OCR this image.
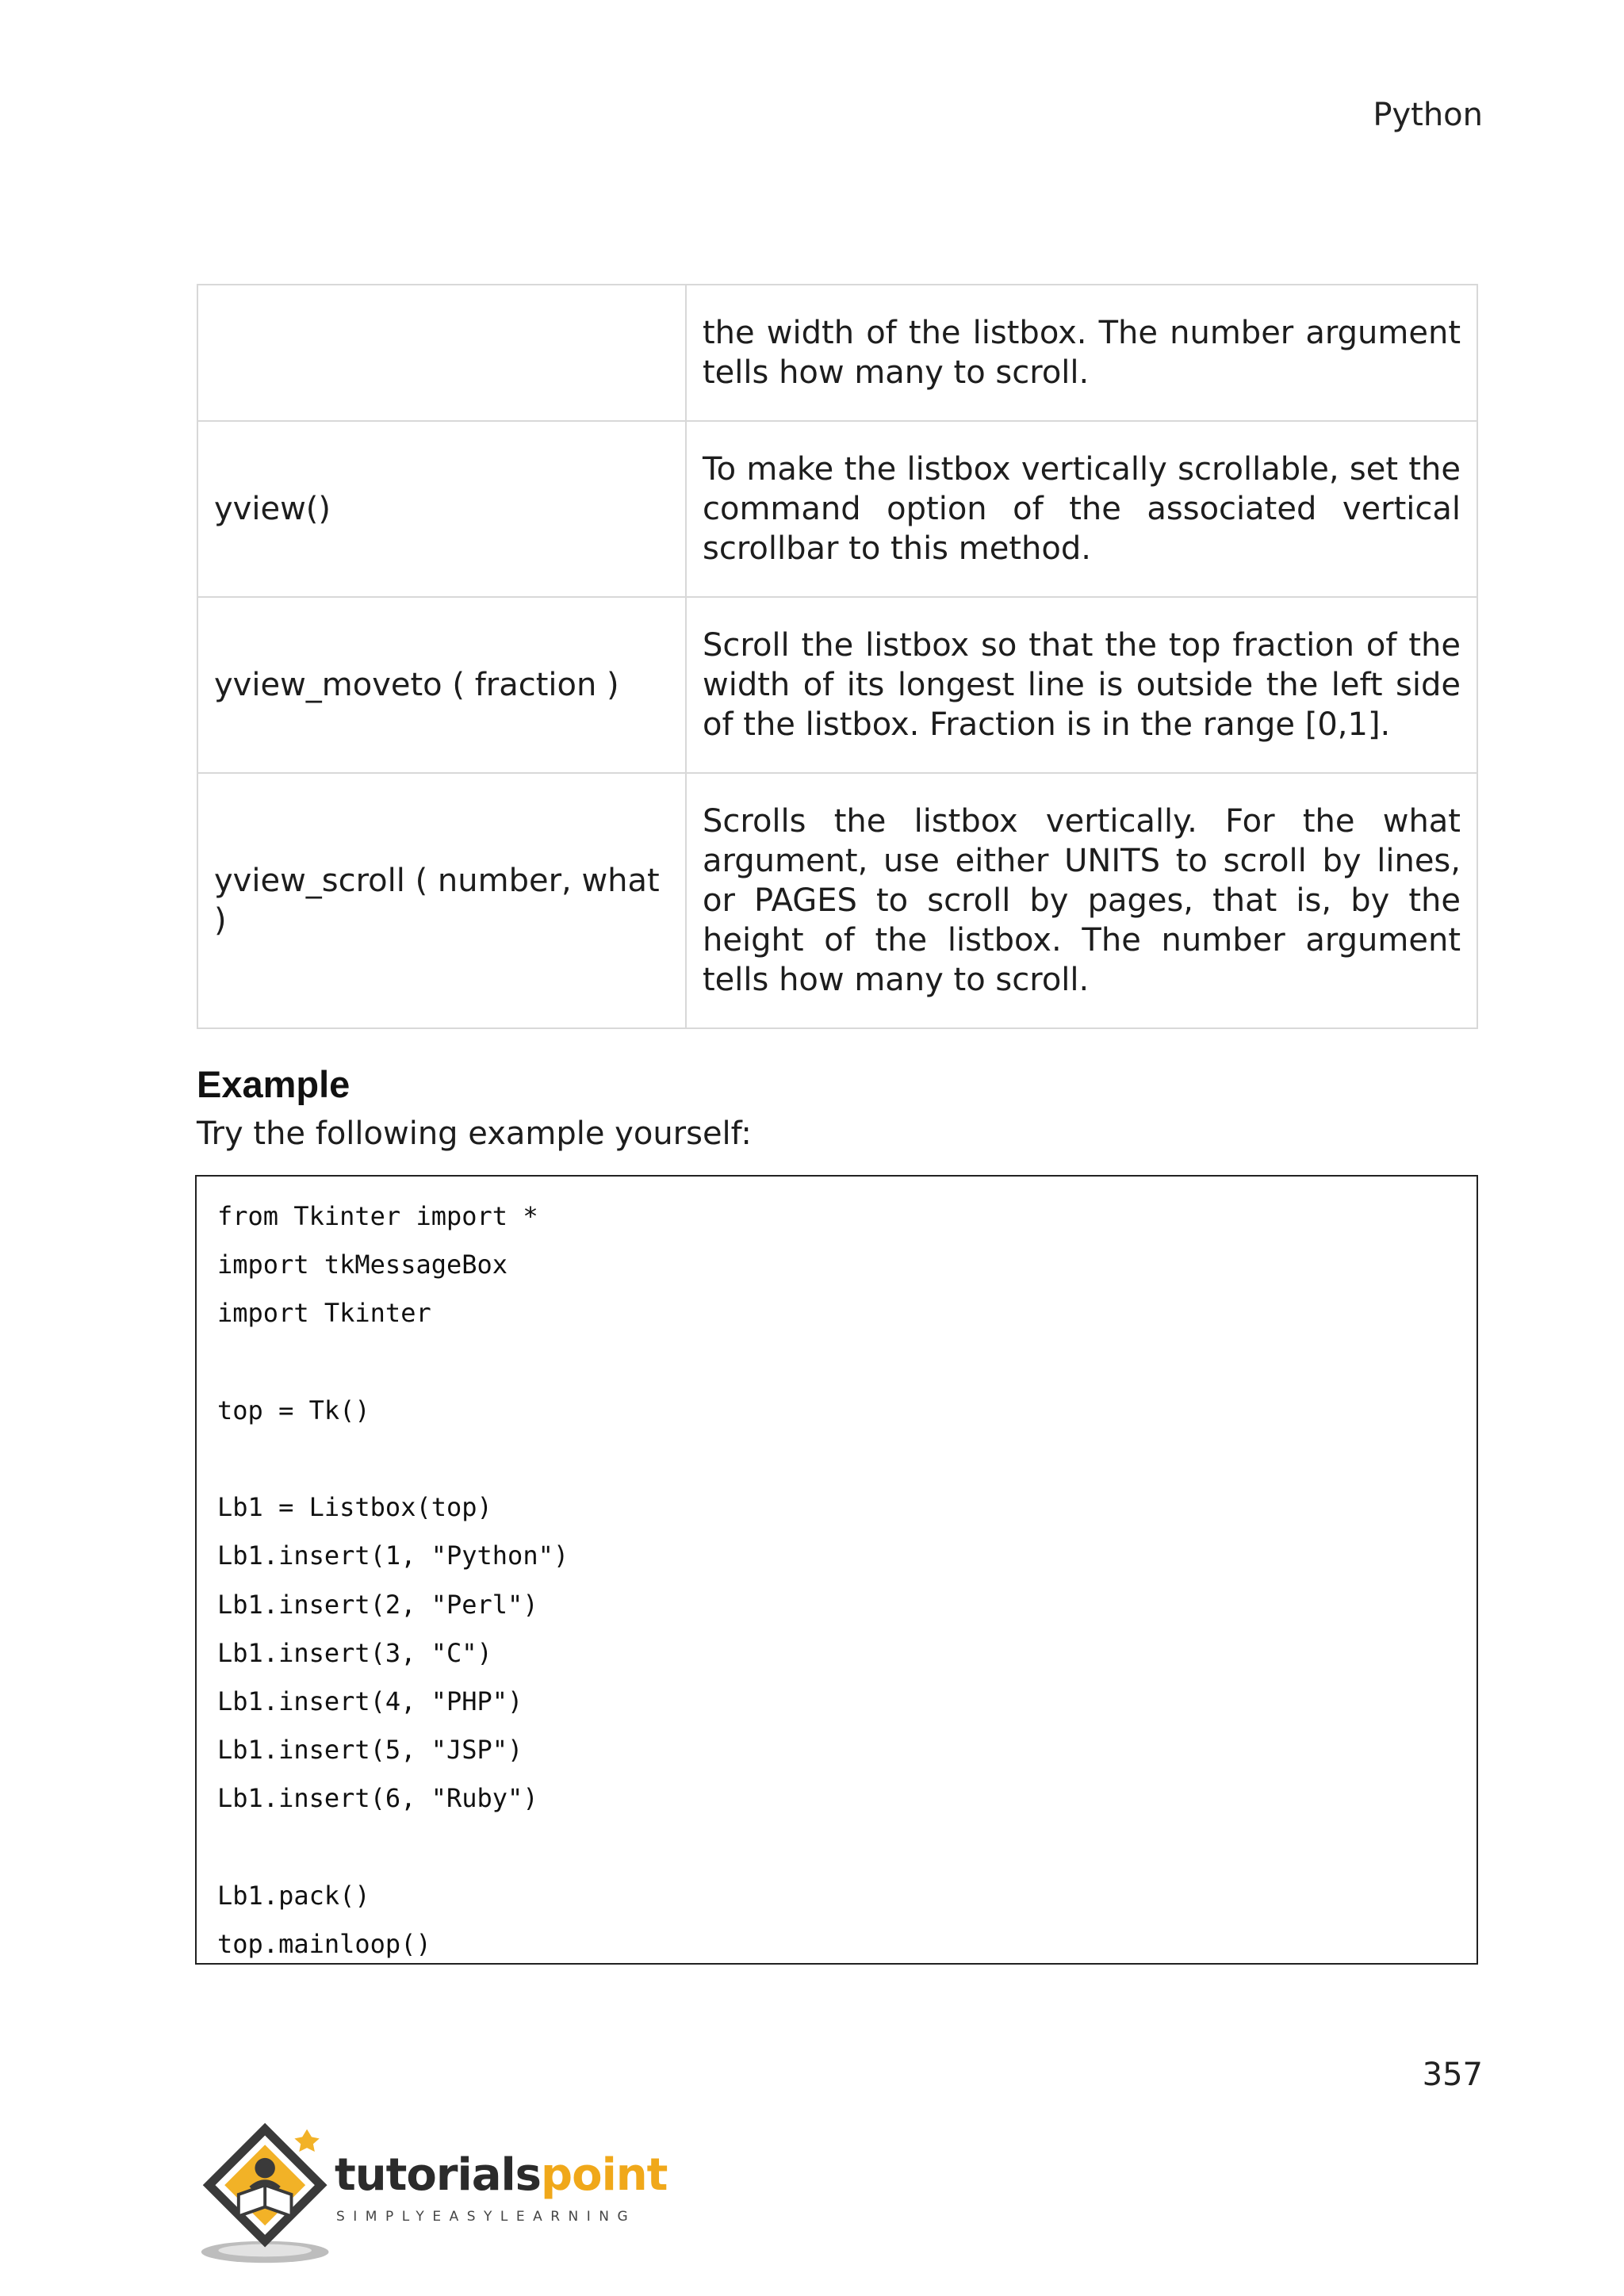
Python
	the width of the listbox. The number argument tells how many to scroll.
yview()	To make the listbox vertically scrollable, set the command option of the associated vertical scrollbar to this method.
yview_moveto ( fraction )	Scroll the listbox so that the top fraction of the width of its longest line is outside the left side of the listbox. Fraction is in the range [0,1].
yview_scroll ( number, what )	Scrolls the listbox vertically. For the what argument, use either UNITS to scroll by lines, or PAGES to scroll by pages, that is, by the height of the listbox. The number argument tells how many to scroll.
Example
Try the following example yourself:
from Tkinter import *
import tkMessageBox
import Tkinter
top = Tk()
Lb1 = Listbox(top)
Lb1.insert(1, "Python")
Lb1.insert(2, "Perl")
Lb1.insert(3, "C")
Lb1.insert(4, "PHP")
Lb1.insert(5, "JSP")
Lb1.insert(6, "Ruby")
Lb1.pack()
top.mainloop()
357
tutorialspoint
SIMPLYEASYLEARNING
